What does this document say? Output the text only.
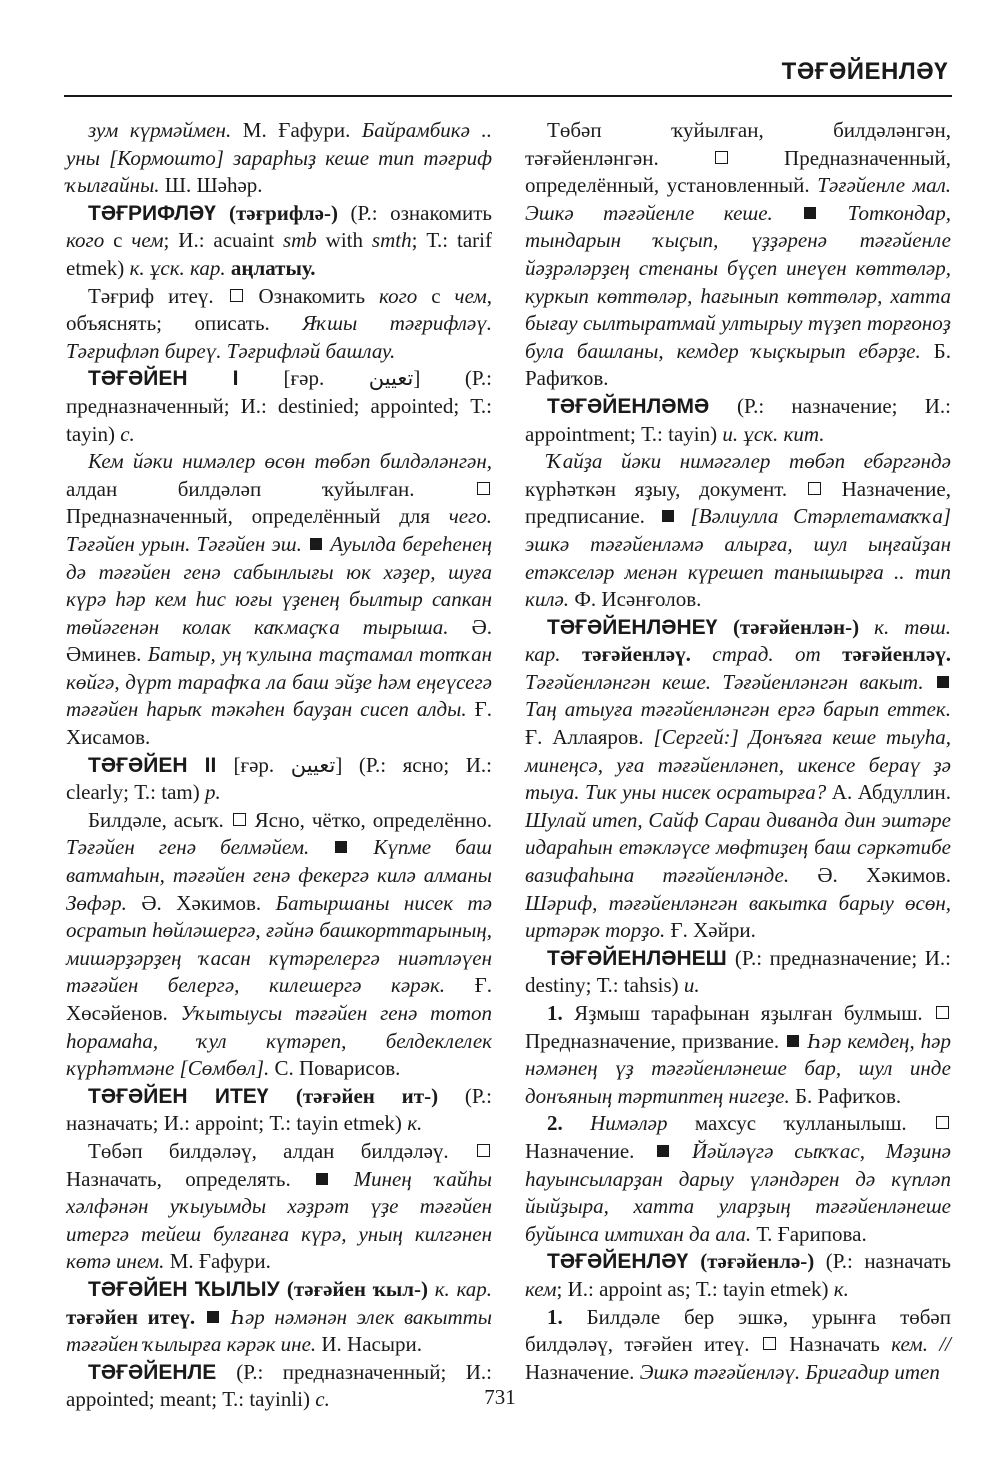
ТӘҒӘЙЕНЛӘҮ

зум күрмәймен. М. Ғафури. Байрамбикә .. уны [Кормошто] зарарһыҙ кеше тип тәғриф ҡылғайны. Ш. Шәһәр.

ТӘҒРИФЛӘҮ (тәғрифлә-) (Р.: ознакомить кого с чем; И.: acuaint smb with smth; Т.: tarif etmek) к. ұск. кар. аңлатыу.

Тәғриф итеү.  Ознакомить кого с чем, объяснять; описать. Яҡшы тәғрифләү. Тәғрифләп биреү. Тәғрифләй башлау.

ТӘҒӘЙЕН І [ғәр. تعيين] (Р.: предназначенный; И.: destinied; appointed; Т.: tayin) с.

Кем йәки нимәлер өсөн төбәп билдәләнгән, алдан билдәләп ҡуйылған.  Предназначенный, определённый для чего. Тәғәйен урын. Тәғәйен эш. Ауылда береһенең дә тәғәйен генә сабынлығы юк хәҙер, шуға күрә һәр кем һис юғы үҙенең былтыр сапкан төйәгенән колак каҡмаҫҡа тырыша. Ә. Әминев. Батыр, уң ҡулына таҫтамал тотҡан көйгә, дүрт тарафҡа ла баш эйҙе һәм еңеүсегә тәғәйен һарыҡ тәкәһен бауҙан сисеп алды. Ғ. Хисамов.

ТӘҒӘЙЕН ІІ [ғәр. تعيين] (Р.: ясно; И.: clearly; Т.: tam) р.

Билдәле, асыҡ.  Ясно, чётко, определённо. Тәғәйен генә белмәйем.	Күпме баш ватмаһын, тәғәйен генә фекергә килә алманы Зөфәр. Ә. Хәкимов. Батыршаны нисек тә осратып һөйләшергә, ғәйнә башкорттарының, мишәрҙәрҙең ҡасан күтәрелергә ниәтләүен тәғәйен белергә, килешергә кәрәк. Ғ. Хөсәйенов. Уҡытыусы тәғәйен генә тотоп һорамаһа, ҡул күтәреп, белдеклелек күрһәтмәне [Сөмбөл]. С. Поварисов.

ТӘҒӘЙЕН ИТЕҮ (тәғәйен ит-) (Р.: назначать; И.: appoint; Т.: tayin etmek) к.

Төбәп билдәләү, алдан билдәләү.  Назначать, определять.  Минең ҡайһы хәлфәнән уҡыуымды хәҙрәт үҙе тәғәйен итергә тейеш булғанға күрә, уның килгәнен көтә инем. М. Ғафури.

ТӘҒӘЙЕН ҠЫЛЫУ (тәғәйен ҡыл-) к. кар. тәғәйен итеү. Һәр нәмәнән элек вакытты тәғәйен ҡылырға кәрәк ине. И. Насыри.

ТӘҒӘЙЕНЛЕ (Р.: предназначенный; И.: appointed; meant; Т.: tayinli) с.

Төбәп ҡуйылған, билдәләнгән, тәғәйенләнгән.  Предназначенный, определённый, установленный. Тәғәйенле мал. Эшкә тәғәйенле кеше.	Тоткондар, тындарын ҡыҫып, үҙҙәренә тәғәйенле йәҙрәләрҙең стенаны бүҫеп инеүен көттөләр, куркып көттөләр, һағынып көттөләр, хатта бығау сылтыратмай ултырыу түҙеп торғоноҙ була башланы, кемдер ҡыҫкырып ебәрҙе. Б. Рафиҡов.

ТӘҒӘЙЕНЛӘМӘ (Р.: назначение; И.: appointment; Т.: tayin) и. ұск. кит.

Ҡайҙа йәки нимәгәлер төбәп ебәргәндә күрһәткән яҙыу, документ.  Назначение, предписание.  [Вәлиулла Стәрлетамаҡҡа] эшкә тәғәйенләмә алырға, шул ыңғайҙан етәкселәр менән күрешеп танышырға .. тип килә. Ф. Исәнғолов.

ТӘҒӘЙЕНЛӘНЕҮ (тәғәйенлән-) к. төш. кар. тәғәйенләү. страд. от тәғәйенләү. Тәғәйенләнгән кеше. Тәғәйенләнгән вакыт.  Таң атыуға тәғәйенләнгән ергә барып еттек. Ғ. Аллаяров. [Сергей:] Донъяға кеше тыуһа, минеңсә, уға тәғәйенләнеп, икенсе бераү ҙә тыуа. Тик уны нисек осратырға? А. Абдуллин. Шулай итеп, Сайф Сараи диванда дин эштәре идараһын етәкләүсе мөфтиҙең баш сәркәтибе вазифаһына тәғәйенләнде. Ә. Хәкимов. Шәриф, тәғәйенләнгән вакытка барыу өсөн, иртәрәк торҙо. Ғ. Хәйри.

ТӘҒӘЙЕНЛӘНЕШ (Р.: предназначение; И.: destiny; Т.: tahsis) и.

1. Яҙмыш тарафынан яҙылған булмыш.  Предназначение, призвание.  Һәр кемдең, һәр нәмәнең үҙ тәғәйенләнеше бар, шул инде донъяның тәртиптең нигеҙе. Б. Рафиҡов.

2. Нимәләр махсус ҡулланылыш.  Назначение.  Йәйләүгә сыҡҡас, Мәҙинә һауынсыларҙан дарыу үләндәрен дә күпләп йыйҙыра, хатта уларҙың тәғәйенләнеше буйынса имтихан да ала. Т. Ғарипова.

ТӘҒӘЙЕНЛӘҮ (тәғәйенлә-) (Р.: назначать кем; И.: appoint as; Т.: tayin etmek) к.

1. Билдәле бер эшкә, урынға төбәп билдәләү, тәғәйен итеү.  Назначать кем. // Назначение. Эшкә тәғәйенләү. Бригадир итеп

731
